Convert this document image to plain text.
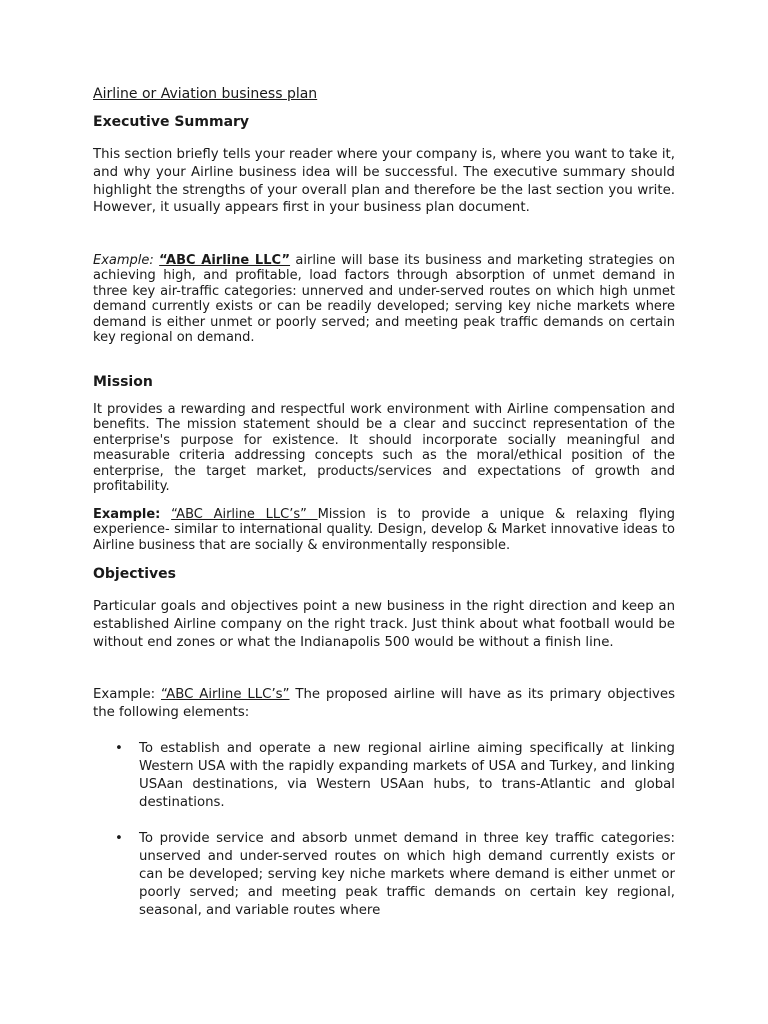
Airline or Aviation business plan
Executive Summary

This section briefly tells your reader where your company is, where you want to take it, and why your Airline business idea will be successful. The executive summary should highlight the strengths of your overall plan and therefore be the last section you write. However, it usually appears first in your business plan document.

Example: “ABC Airline LLC” airline will base its business and marketing strategies on achieving high, and profitable, load factors through absorption of unmet demand in three key air-traffic categories: unnerved and under-served routes on which high unmet demand currently exists or can be readily developed; serving key niche markets where demand is either unmet or poorly served; and meeting peak traffic demands on certain key regional on demand.

Mission

It provides a rewarding and respectful work environment with Airline compensation and benefits. The mission statement should be a clear and succinct representation of the enterprise's purpose for existence. It should incorporate socially meaningful and measurable criteria addressing concepts such as the moral/ethical position of the enterprise, the target market, products/services and expectations of growth and profitability.

Example: “ABC Airline LLC’s” Mission is to provide a unique & relaxing flying experience- similar to international quality. Design, develop & Market innovative ideas to Airline business that are socially & environmentally responsible.

Objectives

Particular goals and objectives point a new business in the right direction and keep an established Airline company on the right track. Just think about what football would be without end zones or what the Indianapolis 500 would be without a finish line.

Example: “ABC Airline LLC’s” The proposed airline will have as its primary objectives the following elements:

• To establish and operate a new regional airline aiming specifically at linking Western USA with the rapidly expanding markets of USA and Turkey, and linking USAan destinations, via Western USAan hubs, to trans-Atlantic and global destinations.
• To provide service and absorb unmet demand in three key traffic categories: unserved and under-served routes on which high demand currently exists or can be developed; serving key niche markets where demand is either unmet or poorly served; and meeting peak traffic demands on certain key regional, seasonal, and variable routes where
